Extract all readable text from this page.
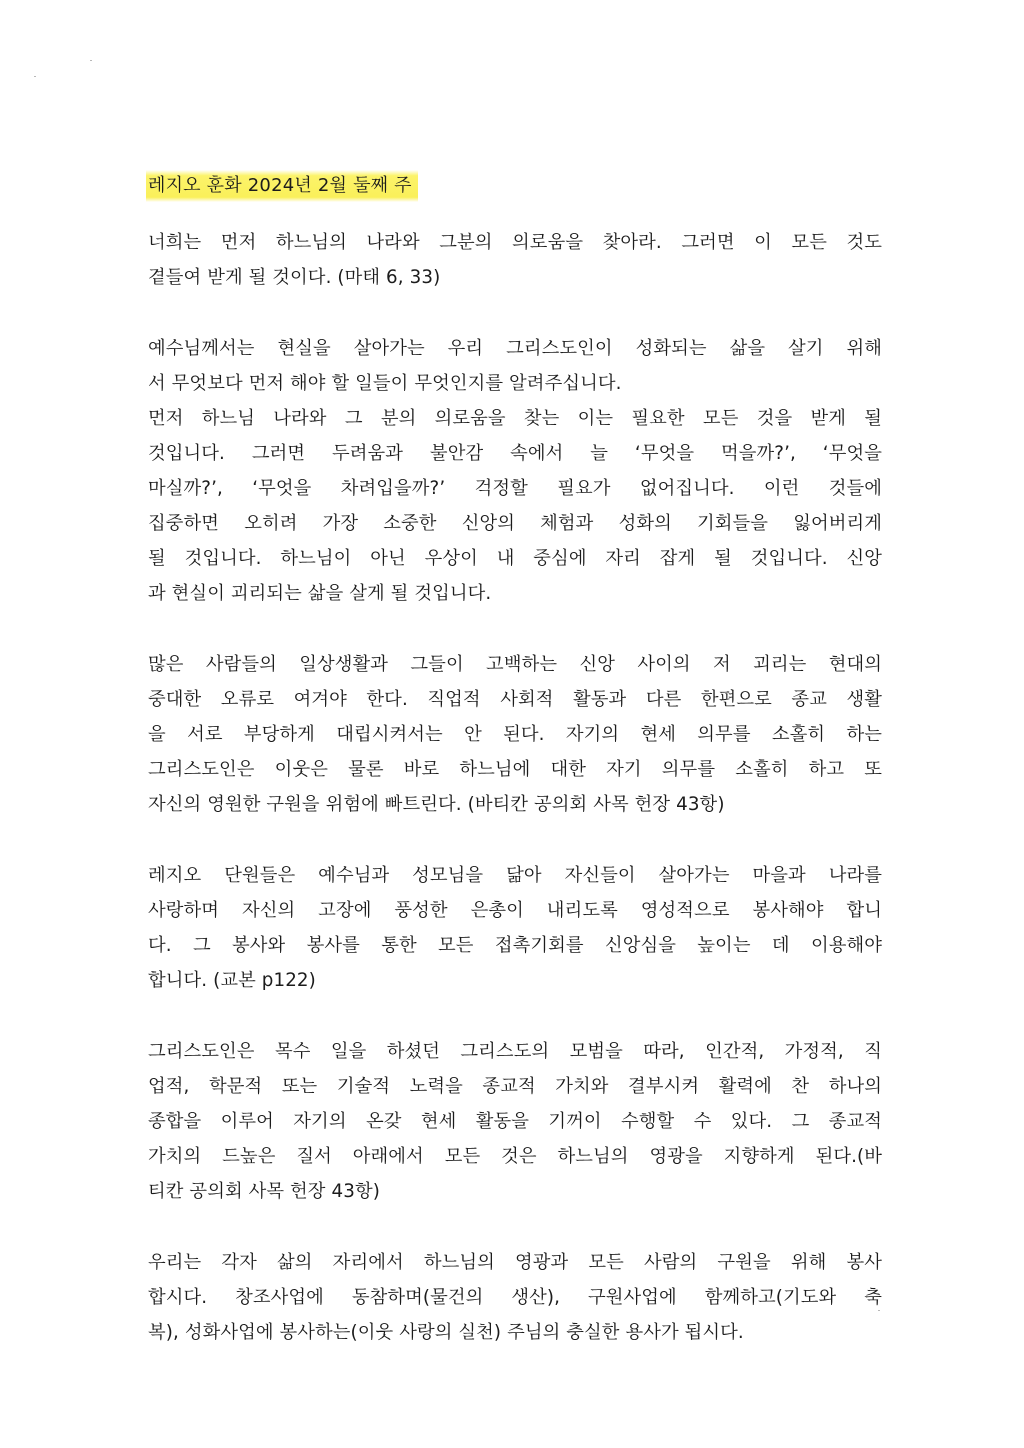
레지오 훈화 2024년 2월 둘째 주
너희는 먼저 하느님의 나라와 그분의 의로움을 찾아라. 그러면 이 모든 것도
곁들여 받게 될 것이다. (마태 6, 33)
예수님께서는 현실을 살아가는 우리 그리스도인이 성화되는 삶을 살기 위해
서 무엇보다 먼저 해야 할 일들이 무엇인지를 알려주십니다.
먼저 하느님 나라와 그 분의 의로움을 찾는 이는 필요한 모든 것을 받게 될
것입니다. 그러면 두려움과 불안감 속에서 늘 ‘무엇을 먹을까?’, ‘무엇을
마실까?’, ‘무엇을 차려입을까?’ 걱정할 필요가 없어집니다. 이런 것들에
집중하면 오히려 가장 소중한 신앙의 체험과 성화의 기회들을 잃어버리게
될 것입니다. 하느님이 아닌 우상이 내 중심에 자리 잡게 될 것입니다. 신앙
과 현실이 괴리되는 삶을 살게 될 것입니다.
많은 사람들의 일상생활과 그들이 고백하는 신앙 사이의 저 괴리는 현대의
중대한 오류로 여겨야 한다. 직업적 사회적 활동과 다른 한편으로 종교 생활
을 서로 부당하게 대립시켜서는 안 된다. 자기의 현세 의무를 소홀히 하는
그리스도인은 이웃은 물론 바로 하느님에 대한 자기 의무를 소홀히 하고 또
자신의 영원한 구원을 위험에 빠트린다. (바티칸 공의회 사목 헌장 43항)
레지오 단원들은 예수님과 성모님을 닮아 자신들이 살아가는 마을과 나라를
사랑하며 자신의 고장에 풍성한 은총이 내리도록 영성적으로 봉사해야 합니
다. 그 봉사와 봉사를 통한 모든 접촉기회를 신앙심을 높이는 데 이용해야
합니다. (교본 p122)
그리스도인은 목수 일을 하셨던 그리스도의 모범을 따라, 인간적, 가정적, 직
업적, 학문적 또는 기술적 노력을 종교적 가치와 결부시켜 활력에 찬 하나의
종합을 이루어 자기의 온갖 현세 활동을 기꺼이 수행할 수 있다. 그 종교적
가치의 드높은 질서 아래에서 모든 것은 하느님의 영광을 지향하게 된다.(바
티칸 공의회 사목 헌장 43항)
우리는 각자 삶의 자리에서 하느님의 영광과 모든 사람의 구원을 위해 봉사
합시다. 창조사업에 동참하며(물건의 생산), 구원사업에 함께하고(기도와 축
복), 성화사업에 봉사하는(이웃 사랑의 실천) 주님의 충실한 용사가 됩시다.
